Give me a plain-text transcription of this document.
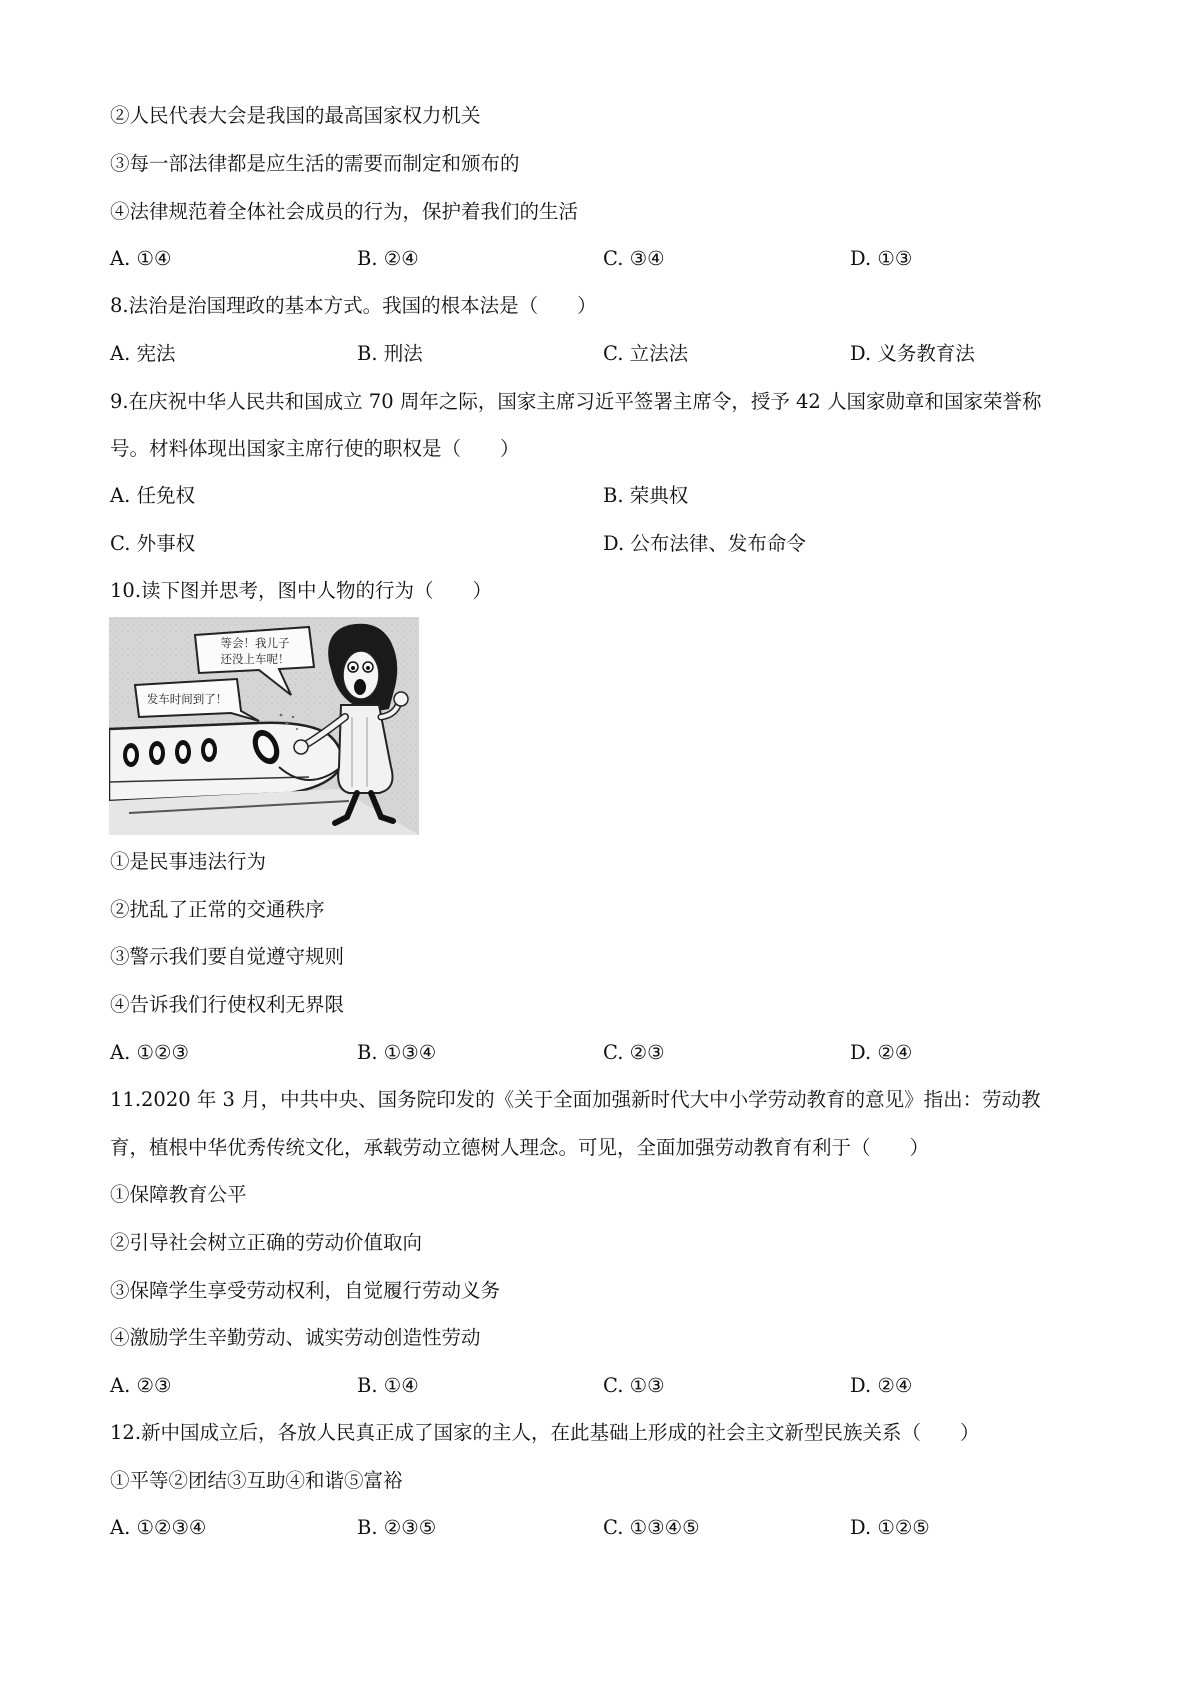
②人民代表大会是我国的最高国家权力机关
③每一部法律都是应生活的需要而制定和颁布的
④法律规范着全体社会成员的行为，保护着我们的生活
A. ①④	B. ②④	C. ③④	D. ①③
8.法治是治国理政的基本方式。我国的根本法是（　　）
A. 宪法	B. 刑法	C. 立法法	D. 义务教育法
9.在庆祝中华人民共和国成立 70 周年之际，国家主席习近平签署主席令，授予 42 人国家勋章和国家荣誉称
号。材料体现出国家主席行使的职权是（　　）
A. 任免权	B. 荣典权
C. 外事权	D. 公布法律、发布命令
10.读下图并思考，图中人物的行为（　　）
等会！我儿子
还没上车呢！
发车时间到了！
①是民事违法行为
②扰乱了正常的交通秩序
③警示我们要自觉遵守规则
④告诉我们行使权利无界限
A. ①②③	B. ①③④	C. ②③	D. ②④
11.2020 年 3 月，中共中央、国务院印发的《关于全面加强新时代大中小学劳动教育的意见》指出：劳动教
育，植根中华优秀传统文化，承载劳动立德树人理念。可见，全面加强劳动教育有利于（　　）
①保障教育公平
②引导社会树立正确的劳动价值取向
③保障学生享受劳动权利，自觉履行劳动义务
④激励学生辛勤劳动、诚实劳动创造性劳动
A. ②③	B. ①④	C. ①③	D. ②④
12.新中国成立后，各放人民真正成了国家的主人，在此基础上形成的社会主文新型民族关系（　　）
①平等②团结③互助④和谐⑤富裕
A. ①②③④	B. ②③⑤	C. ①③④⑤	D. ①②⑤
